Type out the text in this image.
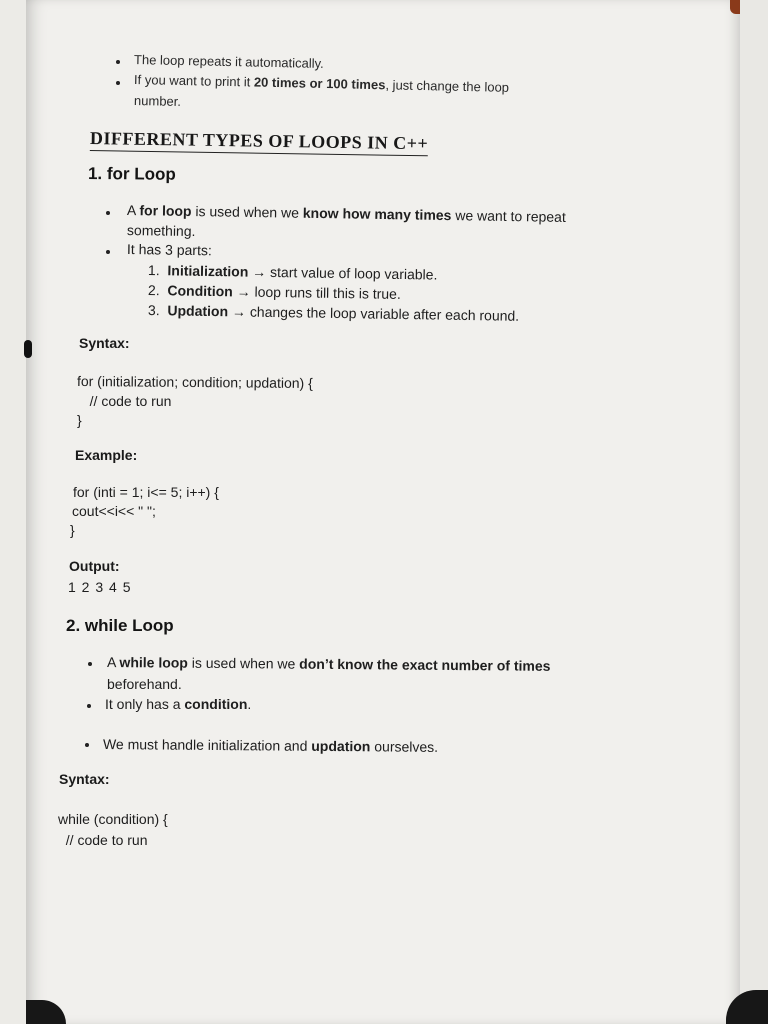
The loop repeats it automatically.

If you want to print it 20 times or 100 times, just change the loop

number.

DIFFERENT TYPES OF LOOPS IN C++

1. for Loop

A for loop is used when we know how many times we want to repeat

something.

It has 3 parts:

1. Initialization → start value of loop variable.

2. Condition → loop runs till this is true.

3. Updation → changes the loop variable after each round.

Syntax:

for (initialization; condition; updation) {

// code to run

}

Example:

for (inti = 1; i<= 5; i++) {

cout<<i<< " ";

}

Output:

1 2 3 4 5

2. while Loop

A while loop is used when we don’t know the exact number of times

beforehand.

It only has a condition.

We must handle initialization and updation ourselves.

Syntax:

while (condition) {

// code to run
